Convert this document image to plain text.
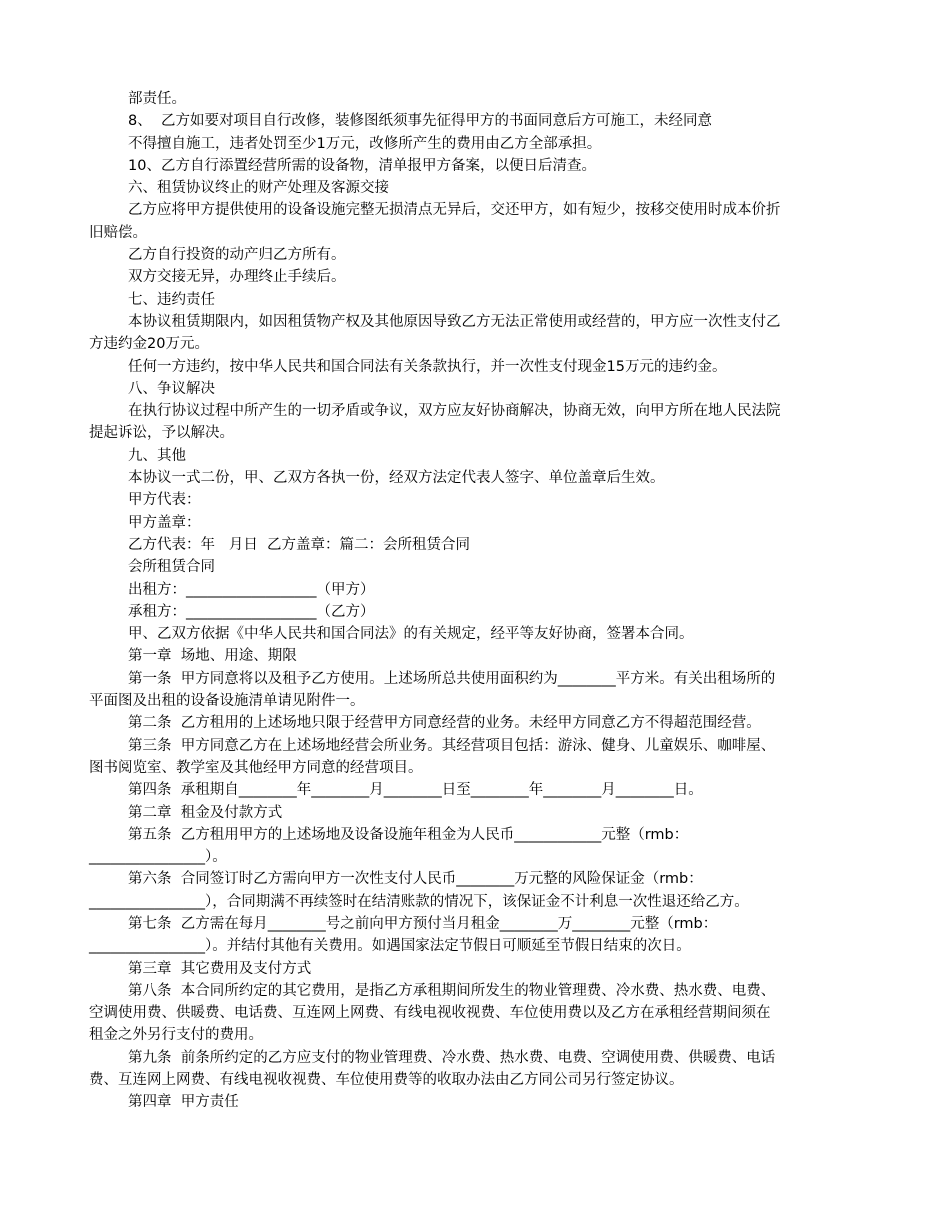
部责任。

8、  乙方如要对项目自行改修，装修图纸须事先征得甲方的书面同意后方可施工，未经同意

不得擅自施工，违者处罚至少1万元，改修所产生的费用由乙方全部承担。

10、乙方自行添置经营所需的设备物，清单报甲方备案，以便日后清查。

六、租赁协议终止的财产处理及客源交接

乙方应将甲方提供使用的设备设施完整无损清点无异后，交还甲方，如有短少，按移交使用时成本价折

旧赔偿。

乙方自行投资的动产归乙方所有。

双方交接无异，办理终止手续后。

七、违约责任

本协议租赁期限内，如因租赁物产权及其他原因导致乙方无法正常使用或经营的，甲方应一次性支付乙

方违约金20万元。

任何一方违约，按中华人民共和国合同法有关条款执行，并一次性支付现金15万元的违约金。

八、争议解决

在执行协议过程中所产生的一切矛盾或争议，双方应友好协商解决，协商无效，向甲方所在地人民法院

提起诉讼，予以解决。

九、其他

本协议一式二份，甲、乙双方各执一份，经双方法定代表人签字、单位盖章后生效。

甲方代表：

甲方盖章：

乙方代表：年   月日  乙方盖章：篇二：会所租赁合同

会所租赁合同

出租方：__________________（甲方）

承租方：__________________（乙方）

甲、乙双方依据《中华人民共和国合同法》的有关规定，经平等友好协商，签署本合同。

第一章  场地、用途、期限

第一条  甲方同意将以及租予乙方使用。上述场所总共使用面积约为________平方米。有关出租场所的

平面图及出租的设备设施清单请见附件一。

第二条  乙方租用的上述场地只限于经营甲方同意经营的业务。未经甲方同意乙方不得超范围经营。

第三条  甲方同意乙方在上述场地经营会所业务。其经营项目包括：游泳、健身、儿童娱乐、咖啡屋、

图书阅览室、教学室及其他经甲方同意的经营项目。

第四条  承租期自________年________月________日至________年________月________日。

第二章  租金及付款方式

第五条  乙方租用甲方的上述场地及设备设施年租金为人民币____________元整（rmb：

________________）。

第六条  合同签订时乙方需向甲方一次性支付人民币________万元整的风险保证金（rmb：

________________），合同期满不再续签时在结清账款的情况下，该保证金不计利息一次性退还给乙方。

第七条  乙方需在每月________号之前向甲方预付当月租金________万________元整（rmb：

________________）。并结付其他有关费用。如遇国家法定节假日可顺延至节假日结束的次日。

第三章  其它费用及支付方式

第八条  本合同所约定的其它费用，是指乙方承租期间所发生的物业管理费、冷水费、热水费、电费、

空调使用费、供暖费、电话费、互连网上网费、有线电视收视费、车位使用费以及乙方在承租经营期间须在

租金之外另行支付的费用。

第九条  前条所约定的乙方应支付的物业管理费、冷水费、热水费、电费、空调使用费、供暖费、电话

费、互连网上网费、有线电视收视费、车位使用费等的收取办法由乙方同公司另行签定协议。

第四章  甲方责任
